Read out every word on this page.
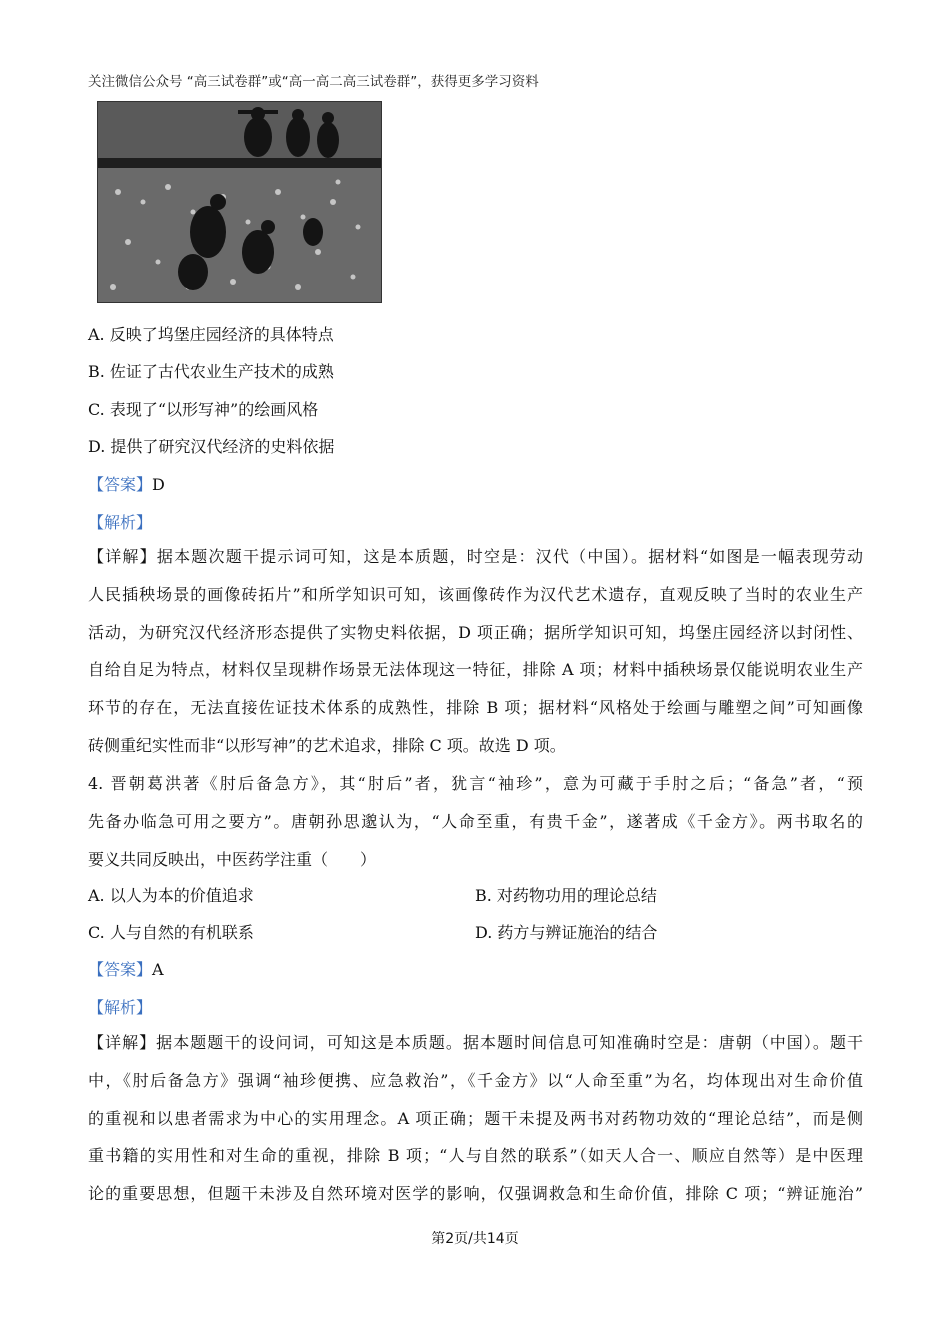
关注微信公众号 “高三试卷群”或“高一高二高三试卷群”，获得更多学习资料
A. 反映了坞堡庄园经济的具体特点
B. 佐证了古代农业生产技术的成熟
C. 表现了“以形写神”的绘画风格
D. 提供了研究汉代经济的史料依据
【答案】D
【解析】
【详解】据本题次题干提示词可知，这是本质题，时空是：汉代（中国）。据材料“如图是一幅表现劳动
人民插秧场景的画像砖拓片”和所学知识可知，该画像砖作为汉代艺术遗存，直观反映了当时的农业生产
活动，为研究汉代经济形态提供了实物史料依据，D 项正确；据所学知识可知，坞堡庄园经济以封闭性、
自给自足为特点，材料仅呈现耕作场景无法体现这一特征，排除 A 项；材料中插秧场景仅能说明农业生产
环节的存在，无法直接佐证技术体系的成熟性，排除 B 项；据材料“风格处于绘画与雕塑之间”可知画像
砖侧重纪实性而非“以形写神”的艺术追求，排除 C 项。故选 D 项。
4. 晋朝葛洪著《肘后备急方》，其“肘后”者，犹言“袖珍”，意为可藏于手肘之后；“备急”者，“预
先备办临急可用之要方”。唐朝孙思邈认为，“人命至重，有贵千金”，遂著成《千金方》。两书取名的
要义共同反映出，中医药学注重（　　）
A. 以人为本的价值追求	B. 对药物功用的理论总结
C. 人与自然的有机联系	D. 药方与辨证施治的结合
【答案】A
【解析】
【详解】据本题题干的设问词，可知这是本质题。据本题时间信息可知准确时空是：唐朝（中国）。题干
中，《肘后备急方》强调“袖珍便携、应急救治”，《千金方》以“人命至重”为名，均体现出对生命价值
的重视和以患者需求为中心的实用理念。A 项正确；题干未提及两书对药物功效的“理论总结”，而是侧
重书籍的实用性和对生命的重视，排除 B 项；“人与自然的联系”（如天人合一、顺应自然等）是中医理
论的重要思想，但题干未涉及自然环境对医学的影响，仅强调救急和生命价值，排除 C 项；“辨证施治”
第2页/共14页
